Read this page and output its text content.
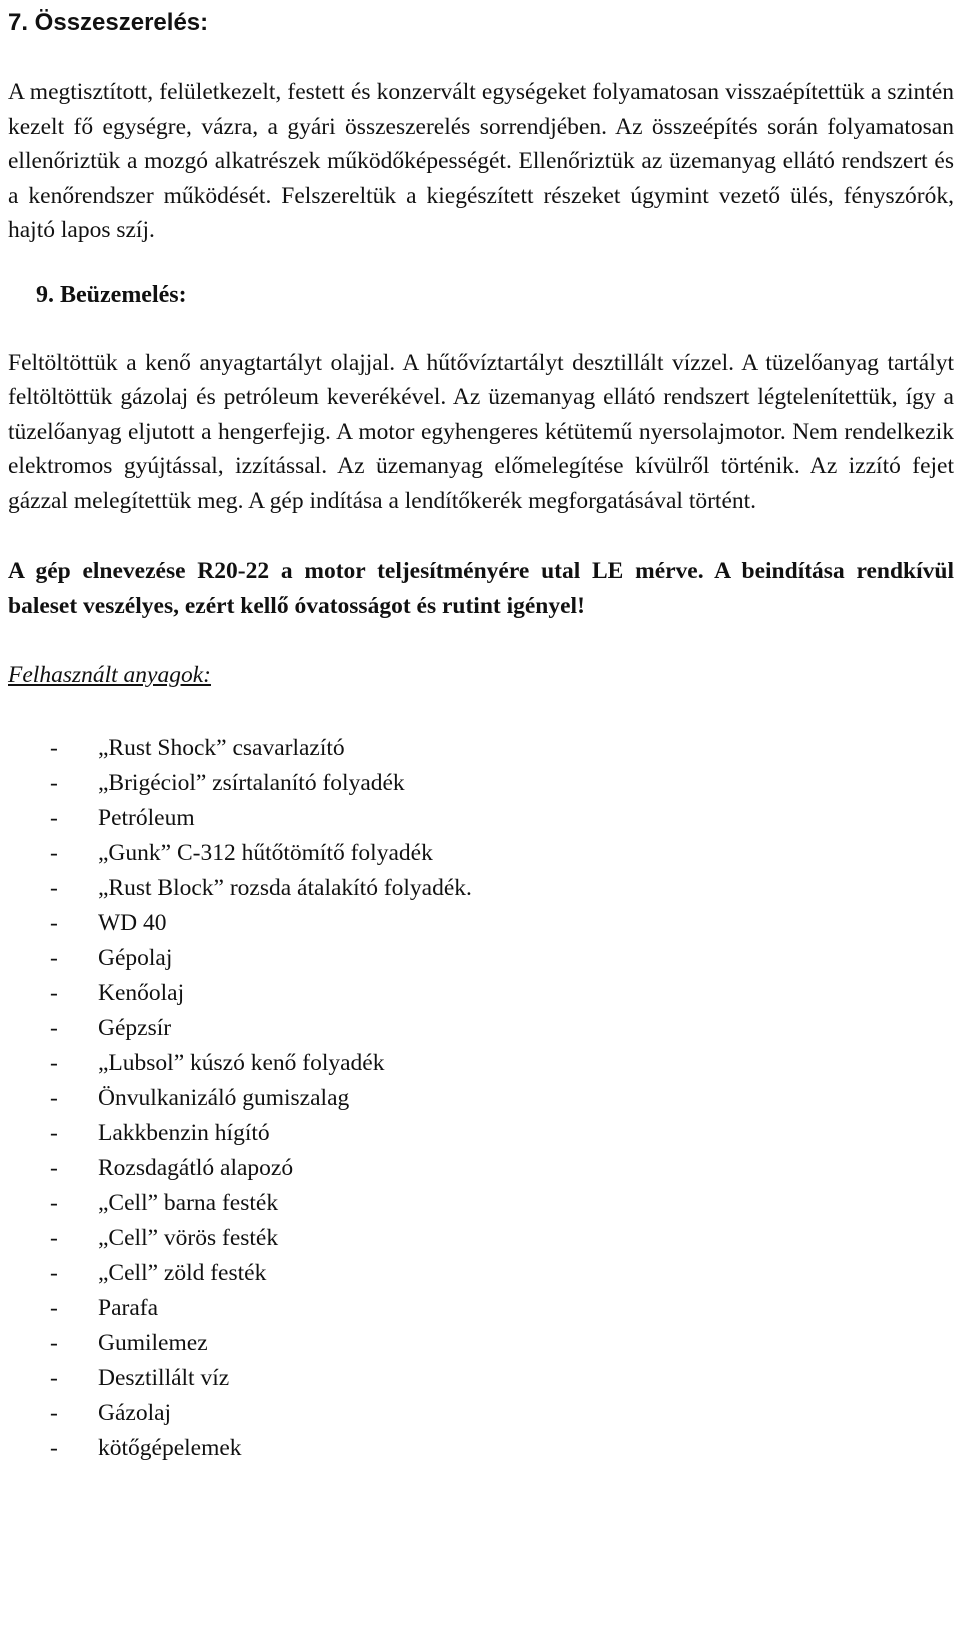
7. Összeszerelés:

A megtisztított, felületkezelt, festett és konzervált egységeket folyamatosan visszaépítettük a szintén kezelt fő egységre, vázra, a gyári összeszerelés sorrendjében. Az összeépítés során folyamatosan ellenőriztük a mozgó alkatrészek működőképességét. Ellenőriztük az üzemanyag ellátó rendszert és a kenőrendszer működését. Felszereltük a kiegészített részeket úgymint vezető ülés, fényszórók, hajtó lapos szíj.

9. Beüzemelés:

Feltöltöttük a kenő anyagtartályt olajjal. A hűtővíztartályt desztillált vízzel. A tüzelőanyag tartályt feltöltöttük gázolaj és petróleum keverékével. Az üzemanyag ellátó rendszert légtelenítettük, így a tüzelőanyag eljutott a hengerfejig. A motor egyhengeres kétütemű nyersolajmotor. Nem rendelkezik elektromos gyújtással, izzítással. Az üzemanyag előmelegítése kívülről történik. Az izzító fejet gázzal melegítettük meg. A gép indítása a lendítőkerék megforgatásával történt.

A gép elnevezése R20-22 a motor teljesítményére utal LE mérve. A beindítása rendkívül baleset veszélyes, ezért kellő óvatosságot és rutint igényel!

Felhasznált anyagok:

- „Rust Shock” csavarlazító
- „Brigéciol” zsírtalanító folyadék
- Petróleum
- „Gunk” C-312 hűtőtömítő folyadék
- „Rust Block” rozsda átalakító folyadék.
- WD 40
- Gépolaj
- Kenőolaj
- Gépzsír
- „Lubsol” kúszó kenő folyadék
- Önvulkanizáló gumiszalag
- Lakkbenzin hígító
- Rozsdagátló alapozó
- „Cell” barna festék
- „Cell” vörös festék
- „Cell” zöld festék
- Parafa
- Gumilemez
- Desztillált víz
- Gázolaj
- kötőgépelemek
